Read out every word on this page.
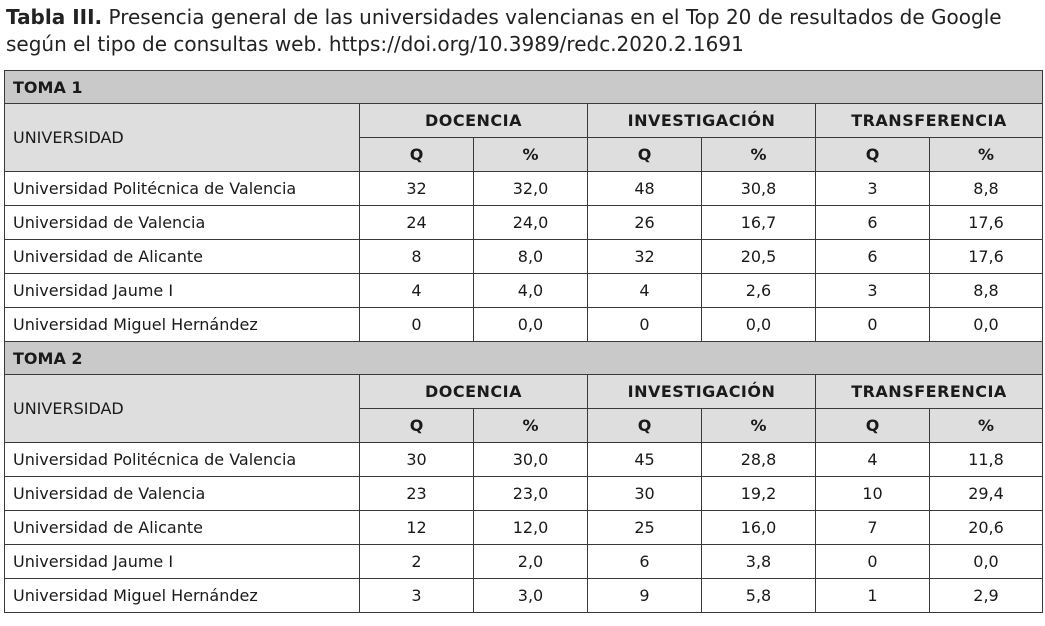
Tabla III. Presencia general de las universidades valencianas en el Top 20 de resultados de Google según el tipo de consultas web. https://doi.org/10.3989/redc.2020.2.1691
TOMA 1						
UNIVERSIDAD	DOCENCIA		INVESTIGACIÓN		TRANSFERENCIA	
	Q	%	Q	%	Q	%
Universidad Politécnica de Valencia	32	32,0	48	30,8	3	8,8
Universidad de Valencia	24	24,0	26	16,7	6	17,6
Universidad de Alicante	8	8,0	32	20,5	6	17,6
Universidad Jaume I	4	4,0	4	2,6	3	8,8
Universidad Miguel Hernández	0	0,0	0	0,0	0	0,0
TOMA 2						
UNIVERSIDAD	DOCENCIA		INVESTIGACIÓN		TRANSFERENCIA	
	Q	%	Q	%	Q	%
Universidad Politécnica de Valencia	30	30,0	45	28,8	4	11,8
Universidad de Valencia	23	23,0	30	19,2	10	29,4
Universidad de Alicante	12	12,0	25	16,0	7	20,6
Universidad Jaume I	2	2,0	6	3,8	0	0,0
Universidad Miguel Hernández	3	3,0	9	5,8	1	2,9
